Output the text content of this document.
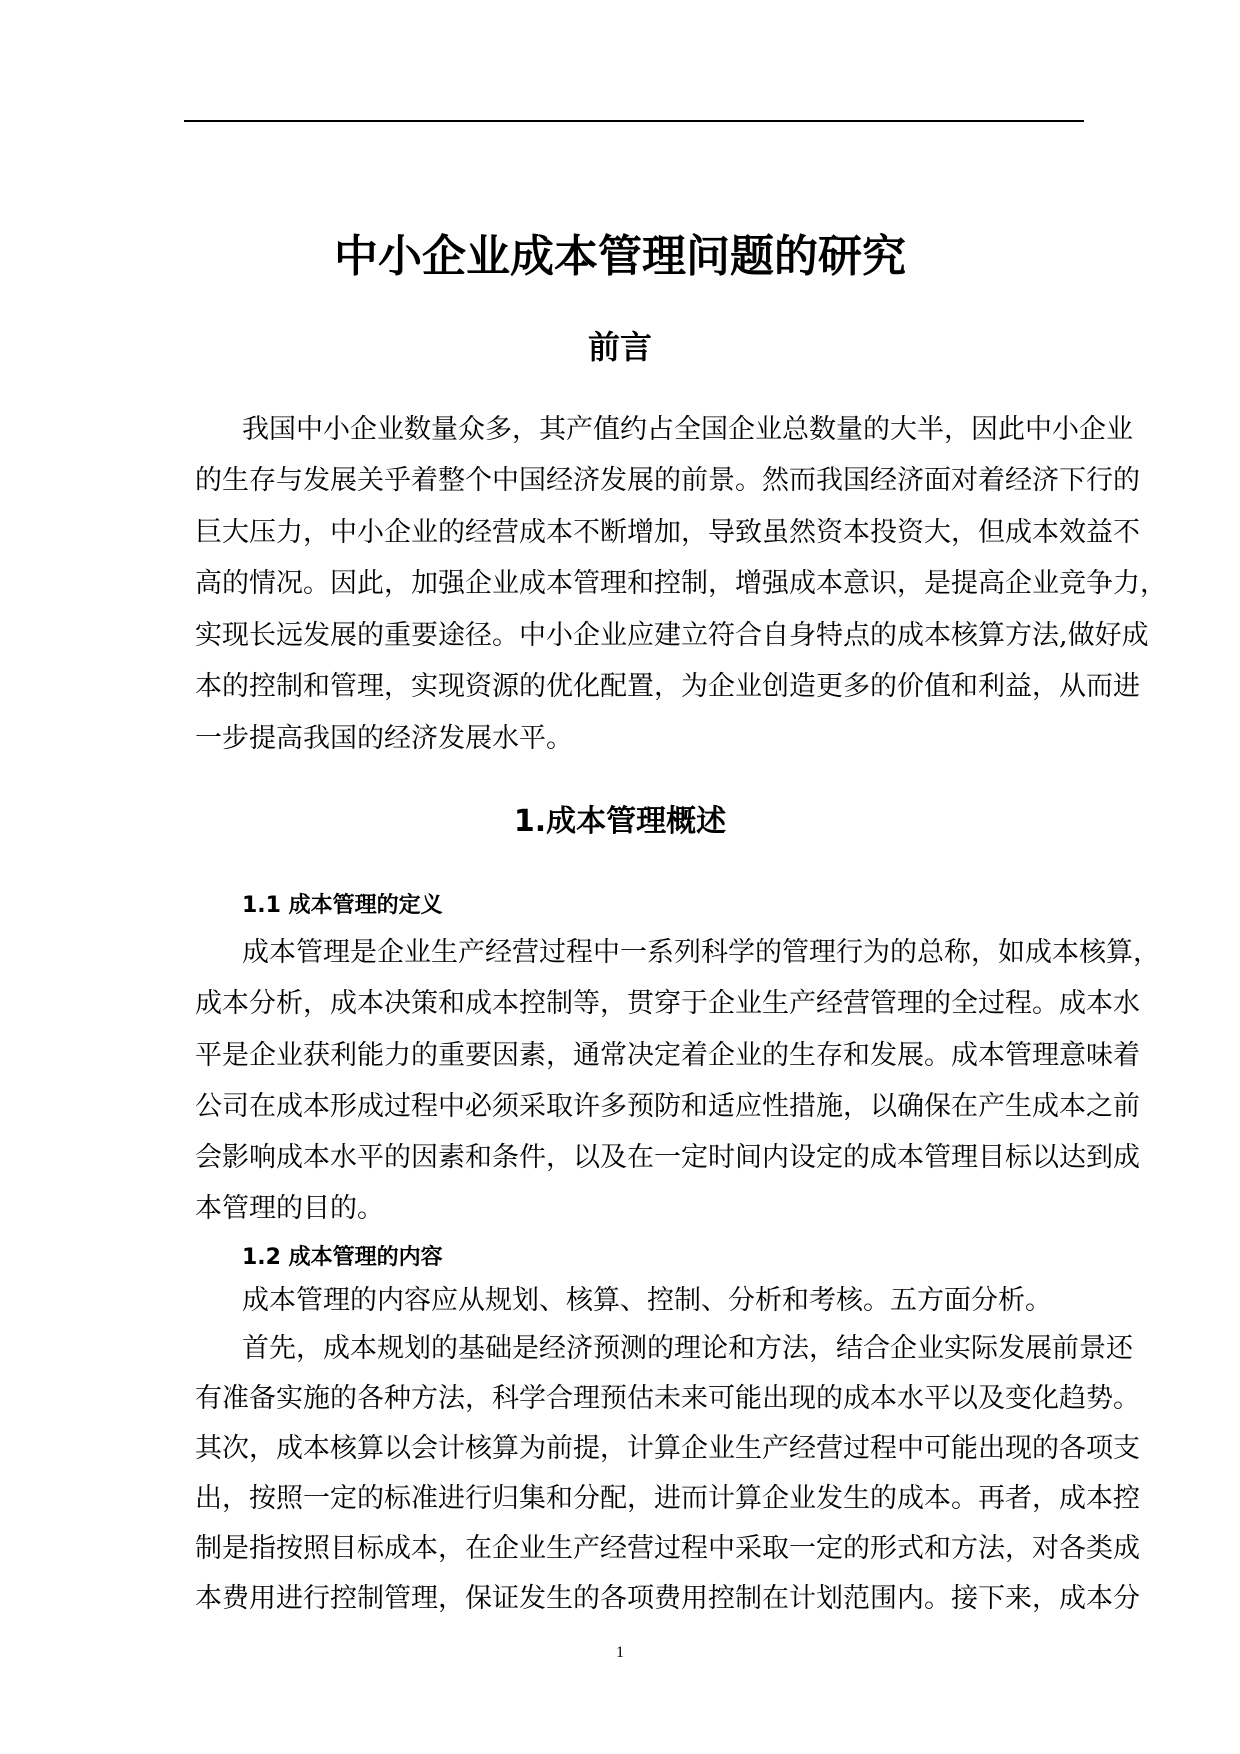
中小企业成本管理问题的研究
前言
我国中小企业数量众多，其产值约占全国企业总数量的大半，因此中小企业
的生存与发展关乎着整个中国经济发展的前景。然而我国经济面对着经济下行的
巨大压力，中小企业的经营成本不断增加，导致虽然资本投资大，但成本效益不
高的情况。因此，加强企业成本管理和控制，增强成本意识，是提高企业竞争力，
实现长远发展的重要途径。中小企业应建立符合自身特点的成本核算方法,做好成
本的控制和管理，实现资源的优化配置，为企业创造更多的价值和利益，从而进
一步提高我国的经济发展水平。
1.成本管理概述
1.1 成本管理的定义
成本管理是企业生产经营过程中一系列科学的管理行为的总称，如成本核算，
成本分析，成本决策和成本控制等，贯穿于企业生产经营管理的全过程。成本水
平是企业获利能力的重要因素，通常决定着企业的生存和发展。成本管理意味着
公司在成本形成过程中必须采取许多预防和适应性措施，以确保在产生成本之前
会影响成本水平的因素和条件，以及在一定时间内设定的成本管理目标以达到成
本管理的目的。
1.2 成本管理的内容
成本管理的内容应从规划、核算、控制、分析和考核。五方面分析。
首先，成本规划的基础是经济预测的理论和方法，结合企业实际发展前景还
有准备实施的各种方法，科学合理预估未来可能出现的成本水平以及变化趋势。
其次，成本核算以会计核算为前提，计算企业生产经营过程中可能出现的各项支
出，按照一定的标准进行归集和分配，进而计算企业发生的成本。再者，成本控
制是指按照目标成本，在企业生产经营过程中采取一定的形式和方法，对各类成
本费用进行控制管理，保证发生的各项费用控制在计划范围内。接下来，成本分
1
